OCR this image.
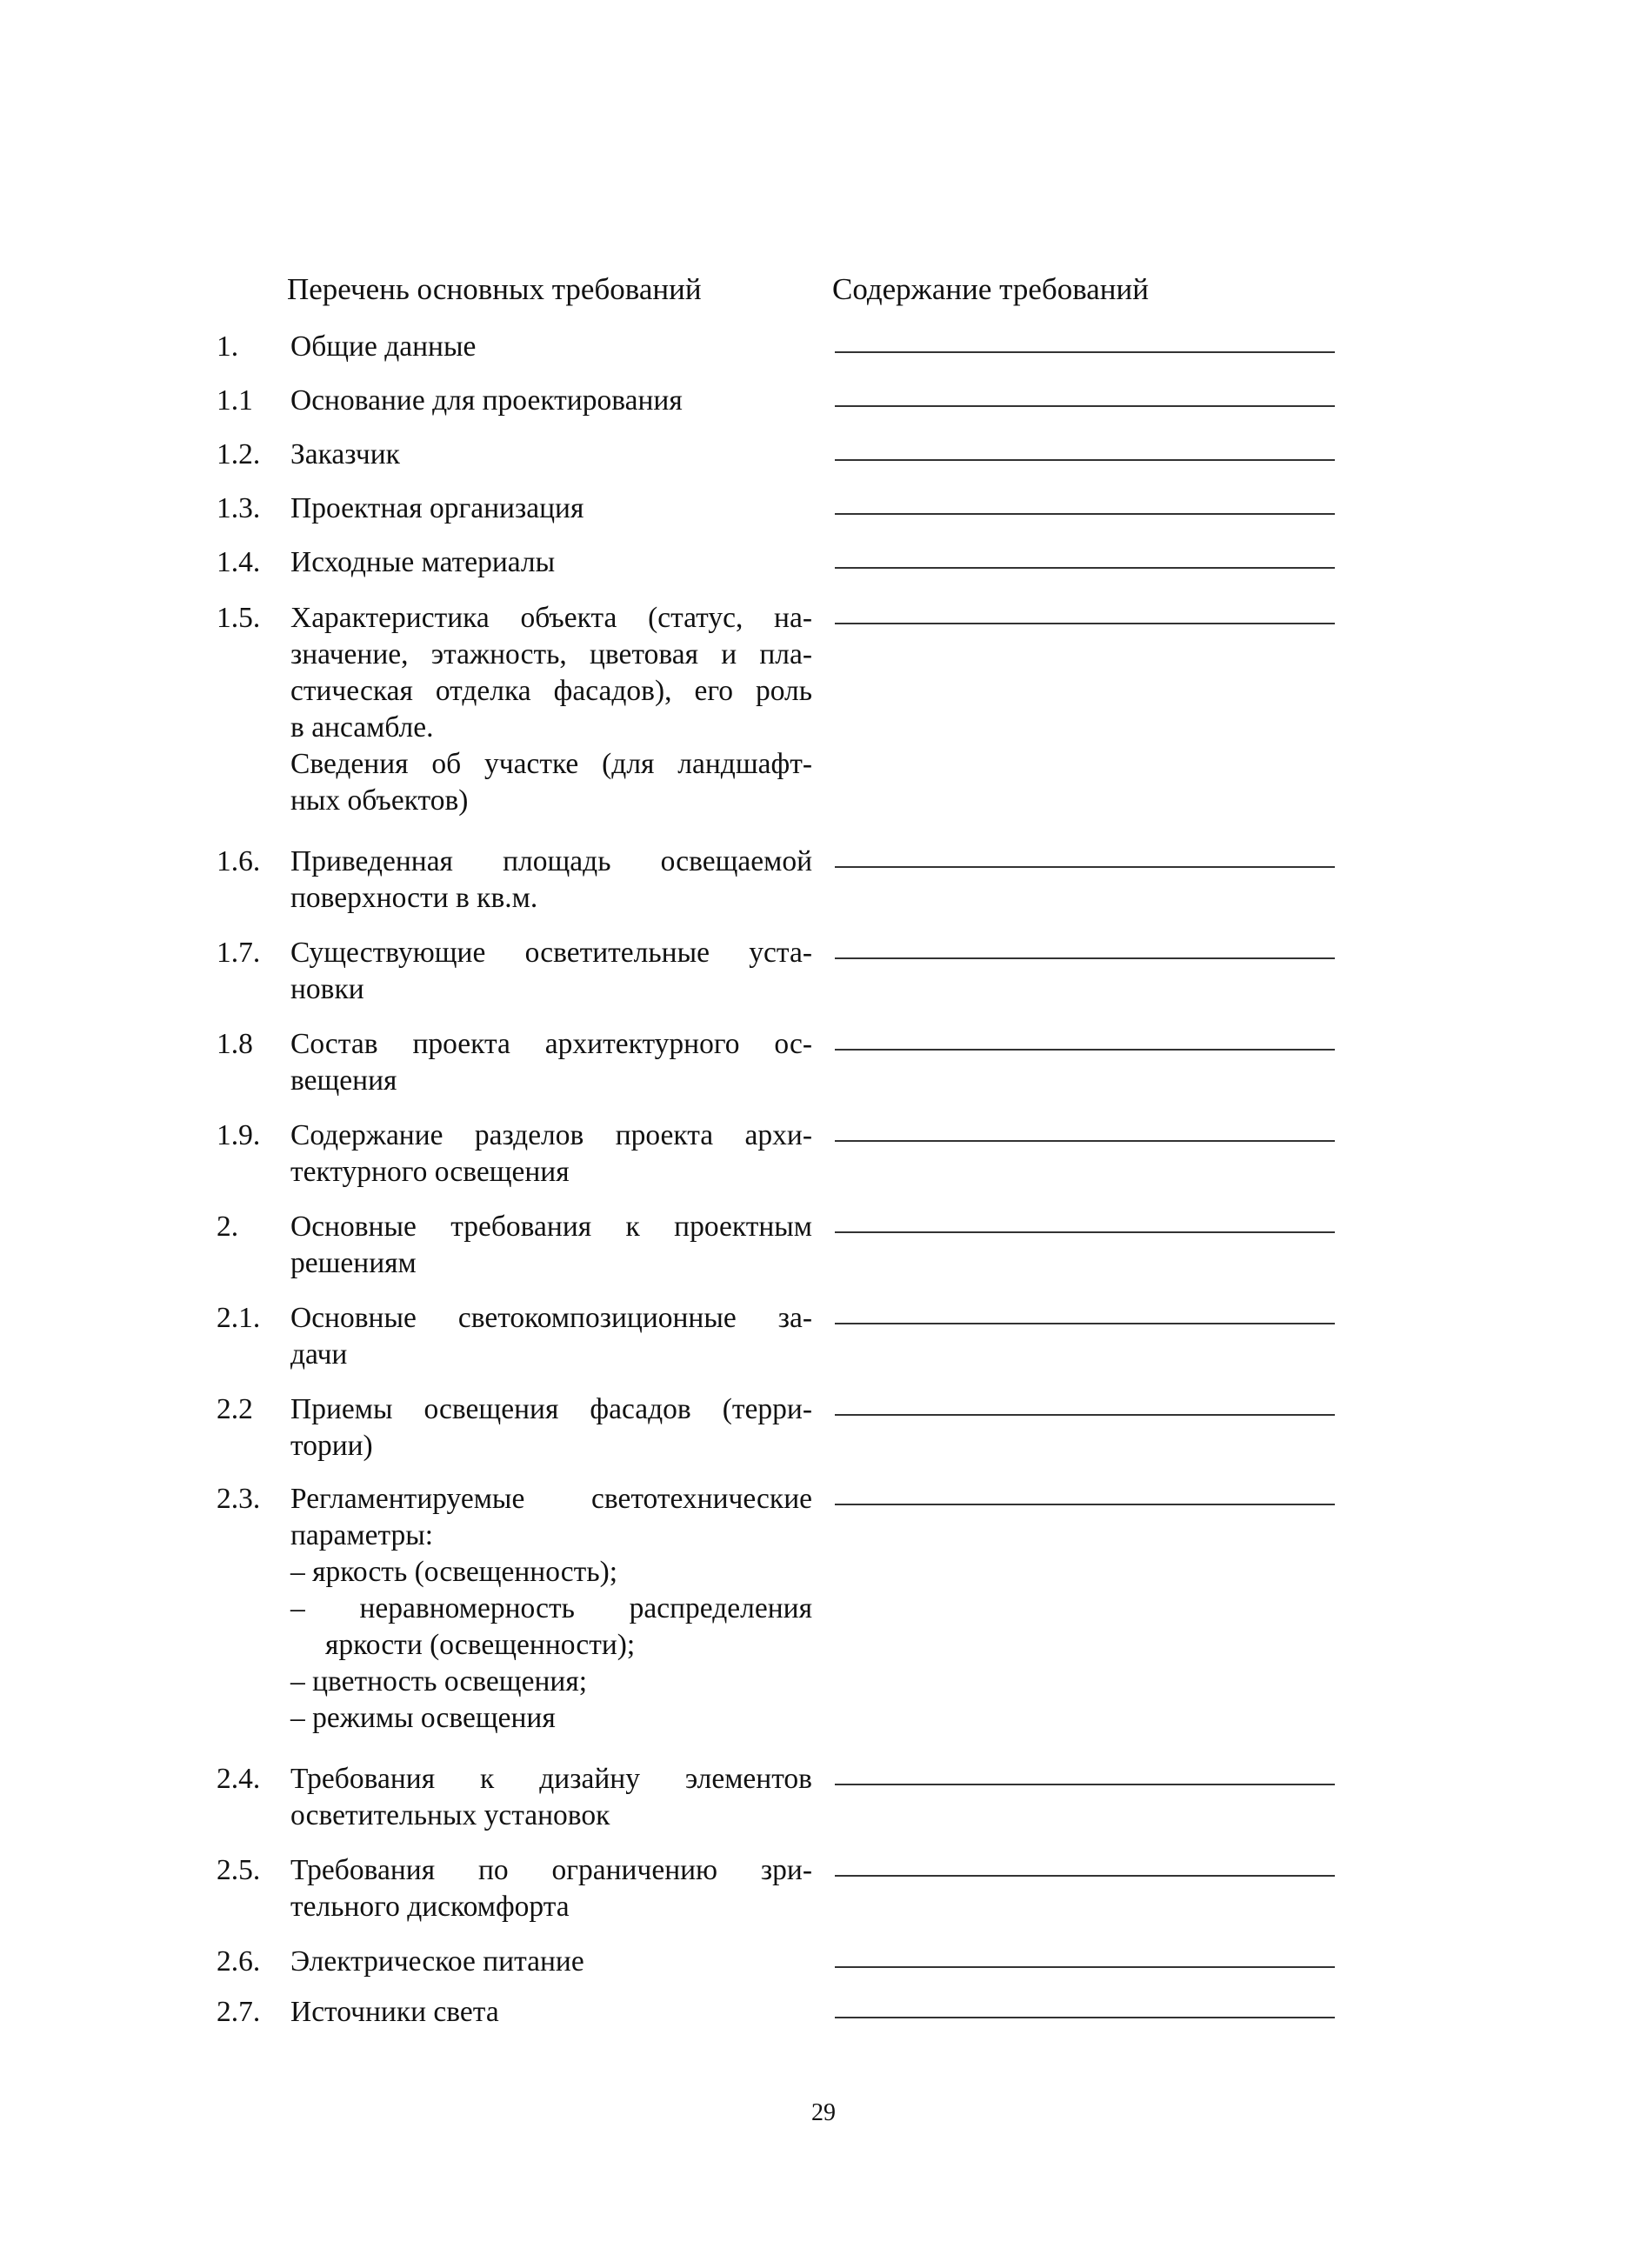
Перечень основных требований	Содержание требований
1.	Общие данные
1.1	Основание для проектирования
1.2.	Заказчик
1.3.	Проектная организация
1.4.	Исходные материалы
1.5.	Характеристика объекта (статус, на-
значение, этажность, цветовая и пла-
стическая отделка фасадов), его роль
в ансамбле.
Сведения об участке (для ландшафт-
ных объектов)
1.6.	Приведенная площадь освещаемой
поверхности в кв.м.
1.7.	Существующие осветительные уста-
новки
1.8	Состав проекта архитектурного ос-
вещения
1.9.	Содержание разделов проекта архи-
тектурного освещения
2.	Основные требования к проектным
решениям
2.1.	Основные светокомпозиционные за-
дачи
2.2	Приемы освещения фасадов (терри-
тории)
2.3.	Регламентируемые светотехнические
параметры:
– яркость (освещенность);
– неравномерность распределения
яркости (освещенности);
– цветность освещения;
– режимы освещения
2.4.	Требования к дизайну элементов
осветительных установок
2.5.	Требования по ограничению зри-
тельного дискомфорта
2.6.	Электрическое питание
2.7.	Источники света
29
